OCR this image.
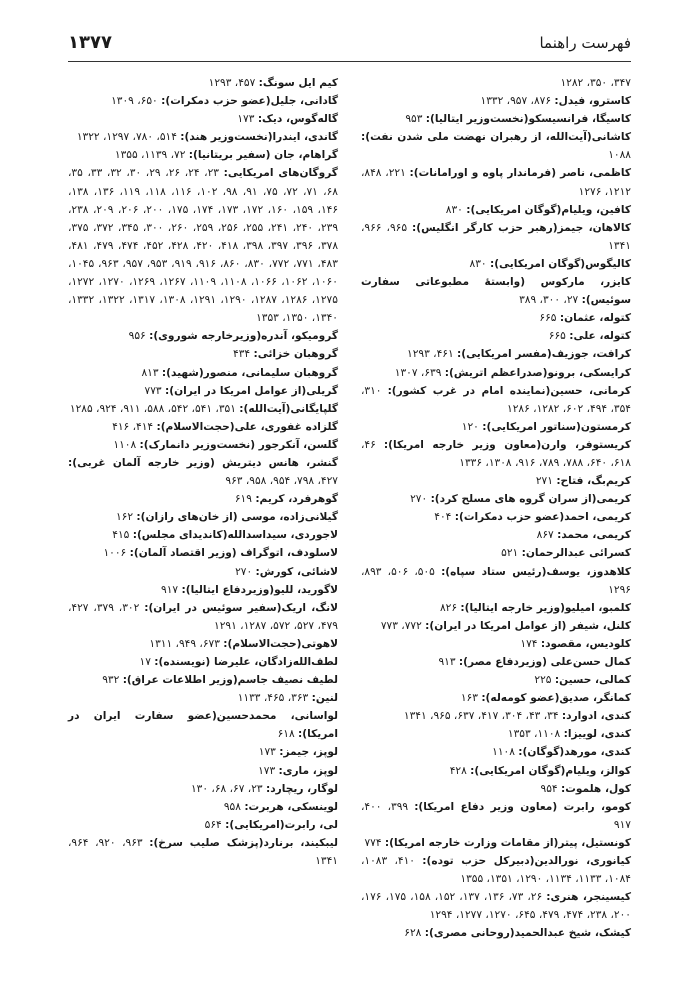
فهرست راهنما
۱۳۷۷

۳۴۷، ۳۵۰، ۱۲۸۲

کاسترو، فیدل: ۸۷۶، ۹۵۷، ۱۳۳۲

کاسیگا، فرانسیسکو(نخست‌وزیر ایتالیا): ۹۵۳

کاشانی(آیت‌الله، از رهبران نهضت ملی شدن نفت): ۱۰۸۸

کاظمی، ناصر (فرماندار پاوه و اورامانات): ۲۲۱، ۸۴۸، ۱۲۱۲، ۱۲۷۶

کافین، ویلیام(گوگان امریکایی): ۸۳۰

کالاهان، جیمز(رهبر حزب کارگر انگلیس): ۹۶۵، ۹۶۶، ۱۳۴۱

کالیگوس(گوگان امریکایی): ۸۳۰

کایزر، مارکوس (وابستهٔ مطبوعاتی سفارت سوئیس): ۲۷، ۳۰۰، ۳۸۹

کتوله، عثمان: ۶۶۵

کتوله، علی: ۶۶۵

کرافت، جوزیف(مفسر امریکایی): ۴۶۱، ۱۲۹۳

کرایسکی، برونو(صدراعظم اتریش): ۶۳۹، ۱۳۰۷

کرمانی، حسین(نماینده امام در غرب کشور): ۳۱۰، ۳۵۴، ۴۹۴، ۶۰۲، ۱۲۸۲، ۱۲۸۶

کرمستون(سناتور امریکایی): ۱۲۰

کریستوفر، وارن(معاون وزیر خارجه امریکا): ۴۶، ۶۱۸، ۶۴۰، ۷۸۸، ۷۸۹، ۹۱۶، ۱۳۰۸، ۱۳۳۶

کریم‌بگ، فتاح: ۲۷۱

کریمی(از سران گروه های مسلح کرد): ۲۷۰

کریمی، احمد(عضو حزب دمکرات): ۴۰۴

کریمی، محمد: ۸۶۷

کسرائی عبدالرحمان: ۵۲۱

کلاهدوز، یوسف(رئیس ستاد سپاه): ۵۰۵، ۵۰۶، ۸۹۳، ۱۲۹۶

کلمبو، امیلیو(وزیر خارجه ایتالیا): ۸۲۶

کلنل، شیفر (از عوامل امریکا در ایران): ۷۷۲، ۷۷۳

کلودیس، مقصود: ۱۷۴

کمال حسن‌علی (وزیردفاع مصر): ۹۱۳

کمالی، حسین: ۲۲۵

کمانگر، صدیق(عضو کومه‌له): ۱۶۳

کندی، ادوارد: ۳۴، ۴۳، ۳۰۴، ۴۱۷، ۶۳۷، ۹۶۵، ۱۳۴۱

کندی، لوییزا: ۱۱۰۸، ۱۳۵۳

کندی، مورهد(گوگان): ۱۱۰۸

کوالز، ویلیام(گوگان امریکایی): ۴۲۸

کول، هلموت: ۹۵۴

کومو، رابرت (معاون وزیر دفاع امریکا): ۳۹۹، ۴۰۰، ۹۱۷

کونستیل، پیتر(از مقامات وزارت خارجه امریکا): ۷۷۴

کیانوری، نورالدین(دبیرکل حزب توده): ۴۱۰، ۱۰۸۳، ۱۰۸۴، ۱۱۳۳، ۱۱۳۴، ۱۲۹۰، ۱۳۵۱، ۱۳۵۵

کیسینجر، هنری: ۲۶، ۷۳، ۱۳۶، ۱۳۷، ۱۵۲، ۱۵۸، ۱۷۵، ۱۷۶، ۲۰۰، ۲۳۸، ۴۷۴، ۴۷۹، ۶۴۵، ۱۲۷۰، ۱۲۷۷، ۱۲۹۴

کیشک، شیخ عبدالحمید(روحانی مصری): ۶۲۸

کیم ایل سونگ: ۴۵۷، ۱۲۹۳

گادانی، جلیل(عضو حزب دمکرات): ۶۵۰، ۱۳۰۹

گاله‌گوس، دیک: ۱۷۳

گاندی، ایندرا(نخست‌وزیر هند): ۵۱۴، ۷۸۰، ۱۲۹۷، ۱۳۲۲

گراهام، جان (سفیر بریتانیا): ۷۲، ۱۱۳۹، ۱۳۵۵

گروگان‌های امریکایی: ۲۳، ۲۴، ۲۶، ۲۹، ۳۰، ۳۲، ۳۳، ۳۵، ۶۸، ۷۱، ۷۲، ۷۵، ۹۱، ۹۸، ۱۰۲، ۱۱۶، ۱۱۸، ۱۱۹، ۱۳۶، ۱۳۸، ۱۴۶، ۱۵۹، ۱۶۰، ۱۷۲، ۱۷۳، ۱۷۴، ۱۷۵، ۲۰۰، ۲۰۶، ۲۰۹، ۲۳۸، ۲۳۹، ۲۴۰، ۲۴۱، ۲۵۵، ۲۵۶، ۲۵۹، ۲۶۰، ۳۰۰، ۳۴۵، ۳۷۲، ۳۷۵، ۳۷۸، ۳۹۶، ۳۹۷، ۳۹۸، ۴۱۸، ۴۲۰، ۴۲۸، ۴۵۲، ۴۷۴، ۴۷۹، ۴۸۱، ۴۸۳، ۷۷۱، ۷۷۲، ۸۳۰، ۸۶۰، ۹۱۶، ۹۱۹، ۹۵۳، ۹۵۷، ۹۶۳، ۱۰۴۵، ۱۰۶۰، ۱۰۶۲، ۱۰۶۶، ۱۱۰۸، ۱۱۰۹، ۱۲۶۷، ۱۲۶۹، ۱۲۷۰، ۱۲۷۲، ۱۲۷۵، ۱۲۸۶، ۱۲۸۷، ۱۲۹۰، ۱۲۹۱، ۱۳۰۸، ۱۳۱۷، ۱۳۲۲، ۱۳۳۲، ۱۳۴۰، ۱۳۵۰، ۱۳۵۳

گرومیکو، آندره(وزیرخارجه شوروی): ۹۵۶

گروهبان خزائی: ۴۳۴

گروهبان سلیمانی، منصور(شهید): ۸۱۳

گریلی(از عوامل امریکا در ایران): ۷۷۳

گلپایگانی(آیت‌الله): ۳۵۱، ۵۴۱، ۵۴۲، ۵۸۸، ۹۱۱، ۹۲۴، ۱۲۸۵

گلزاده غفوری، علی(حجت‌الاسلام): ۴۱۴، ۴۱۶

گلسن، آنکرجور (نخست‌وزیر دانمارک): ۱۱۰۸

گنشر، هانس دیتریش (وزیر خارجه آلمان غربی): ۴۲۷، ۷۹۸، ۹۵۴، ۹۵۸، ۹۶۳

گوهرفرد، کریم: ۶۱۹

گیلانی‌زاده، موسی (از خان‌های رازان): ۱۶۲

لاجوردی، سیداسدالله(کاندیدای مجلس): ۴۱۵

لاسلودف، اتوگراف (وزیر اقتصاد آلمان): ۱۰۰۶

لاشائی، کورش: ۲۷۰

لاگورید، للیو(وزیردفاع ایتالیا): ۹۱۷

لانگ، اریک(سفیر سوئیس در ایران): ۳۰۲، ۳۷۹، ۴۲۷، ۴۷۹، ۵۲۷، ۵۷۲، ۱۲۸۷، ۱۲۹۱

لاهوتی(حجت‌الاسلام): ۶۷۳، ۹۴۹، ۱۳۱۱

لطف‌الله‌زادگان، علیرضا (نویسنده): ۱۷

لطیف نصیف جاسم(وزیر اطلاعات عراق): ۹۳۲

لنین: ۳۶۳، ۴۶۵، ۱۱۳۳

لواسانی، محمدحسین(عضو سفارت ایران در امریکا): ۶۱۸

لوپز، جیمز: ۱۷۳

لوپز، ماری: ۱۷۳

لوگار، ریچارد: ۲۳، ۶۷، ۶۸، ۱۳۰

لوینسکی، هربرت: ۹۵۸

لی، رابرت(امریکایی): ۵۶۴

لیبکیند، برنارد(پزشک صلیب سرخ): ۹۶۳، ۹۲۰، ۹۶۴، ۱۳۴۱
